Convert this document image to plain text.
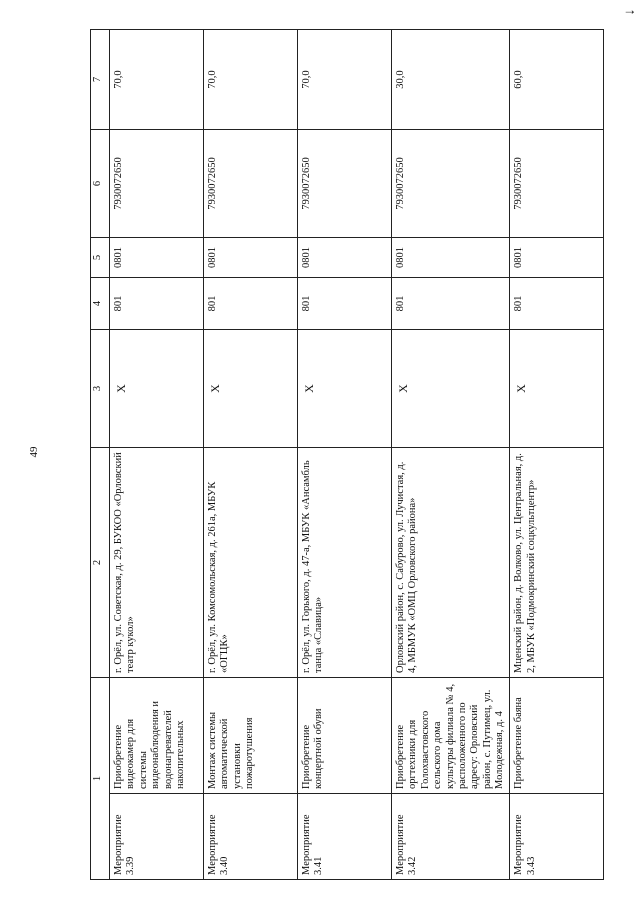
49
↓
1		2	3	4	5	6	7
Мероприятие 3.39	Приобретение видеокамер для системы видеонаблюдения и водонагревателей накопительных	г. Орёл, ул. Советская, д. 29, БУКОО «Орловский театр кукол»	X	801	0801	7930072650	70,0
Мероприятие 3.40	Монтаж системы автоматической установки пожаротушения	г. Орёл, ул. Комсомольская, д. 261а, МБУК «ОГЦК»	X	801	0801	7930072650	70,0
Мероприятие 3.41	Приобретение концертной обуви	г. Орёл, ул. Горького, д. 47-а, МБУК «Ансамбль танца «Славица»	X	801	0801	7930072650	70,0
Мероприятие 3.42	Приобретение оргтехники для Голохвастовского сельского дома культуры филиала № 4, расположенного по адресу: Орловский район, с. Путимец, ул. Молодежная, д. 4	Орловский район, с. Сабурово, ул. Лучистая, д. 4, МБМУК «ОМЦ Орловского района»	X	801	0801	7930072650	30,0
Мероприятие 3.43	Приобретение баяна	Мценский район, д. Волково, ул. Центральная, д. 2, МБУК «Подмокринский соцкультцентр»	X	801	0801	7930072650	60,0
